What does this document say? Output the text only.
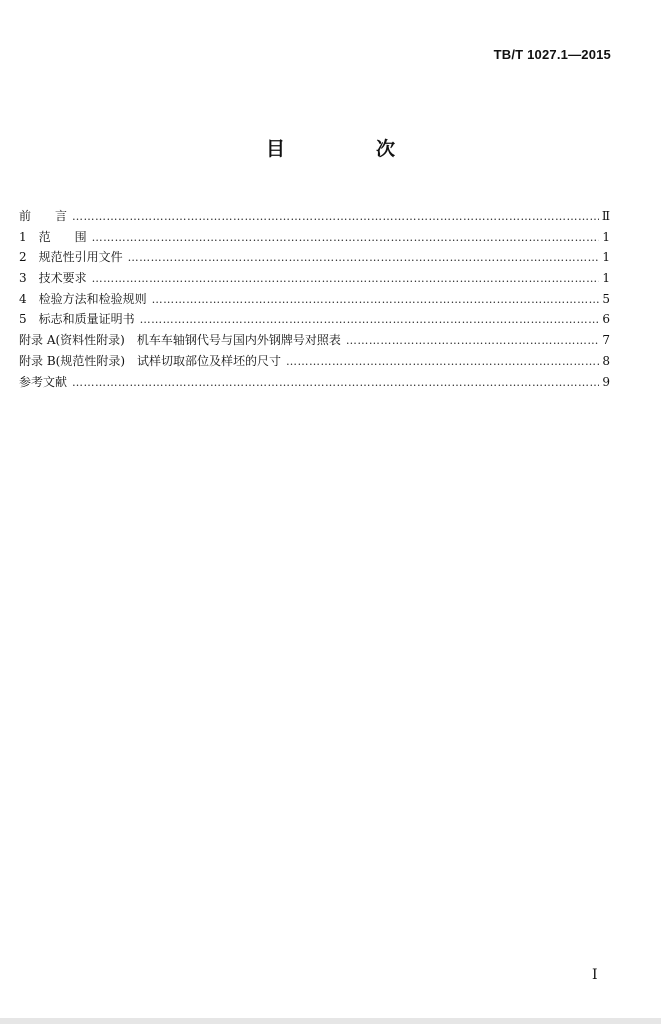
TB/T 1027.1—2015

目　次
前　　言 ………………………………………………………………………………………………………………………………………………………………………………………………………………………………………………………………………………………………………………………………	Ⅱ
1　范　　围 ………………………………………………………………………………………………………………………………………………………………………………………………………………………………………………………………………………………………………………………………	1
2　规范性引用文件 ………………………………………………………………………………………………………………………………………………………………………………………………………………………………………………………………………………………………………………………………	1
3　技术要求 ………………………………………………………………………………………………………………………………………………………………………………………………………………………………………………………………………………………………………………………………	1
4　检验方法和检验规则 ………………………………………………………………………………………………………………………………………………………………………………………………………………………………………………………………………………………………………………………………	5
5　标志和质量证明书 ………………………………………………………………………………………………………………………………………………………………………………………………………………………………………………………………………………………………………………………………	6
附录 A(资料性附录)　机车车轴钢代号与国内外钢牌号对照表 ………………………………………………………………………………………………………………………………………………………………………………………………………………………………………………………………………………………………………………………………	7
附录 B(规范性附录)　试样切取部位及样坯的尺寸 ………………………………………………………………………………………………………………………………………………………………………………………………………………………………………………………………………………………………………………………………	8
参考文献 ………………………………………………………………………………………………………………………………………………………………………………………………………………………………………………………………………………………………………………………………	9

Ⅰ
